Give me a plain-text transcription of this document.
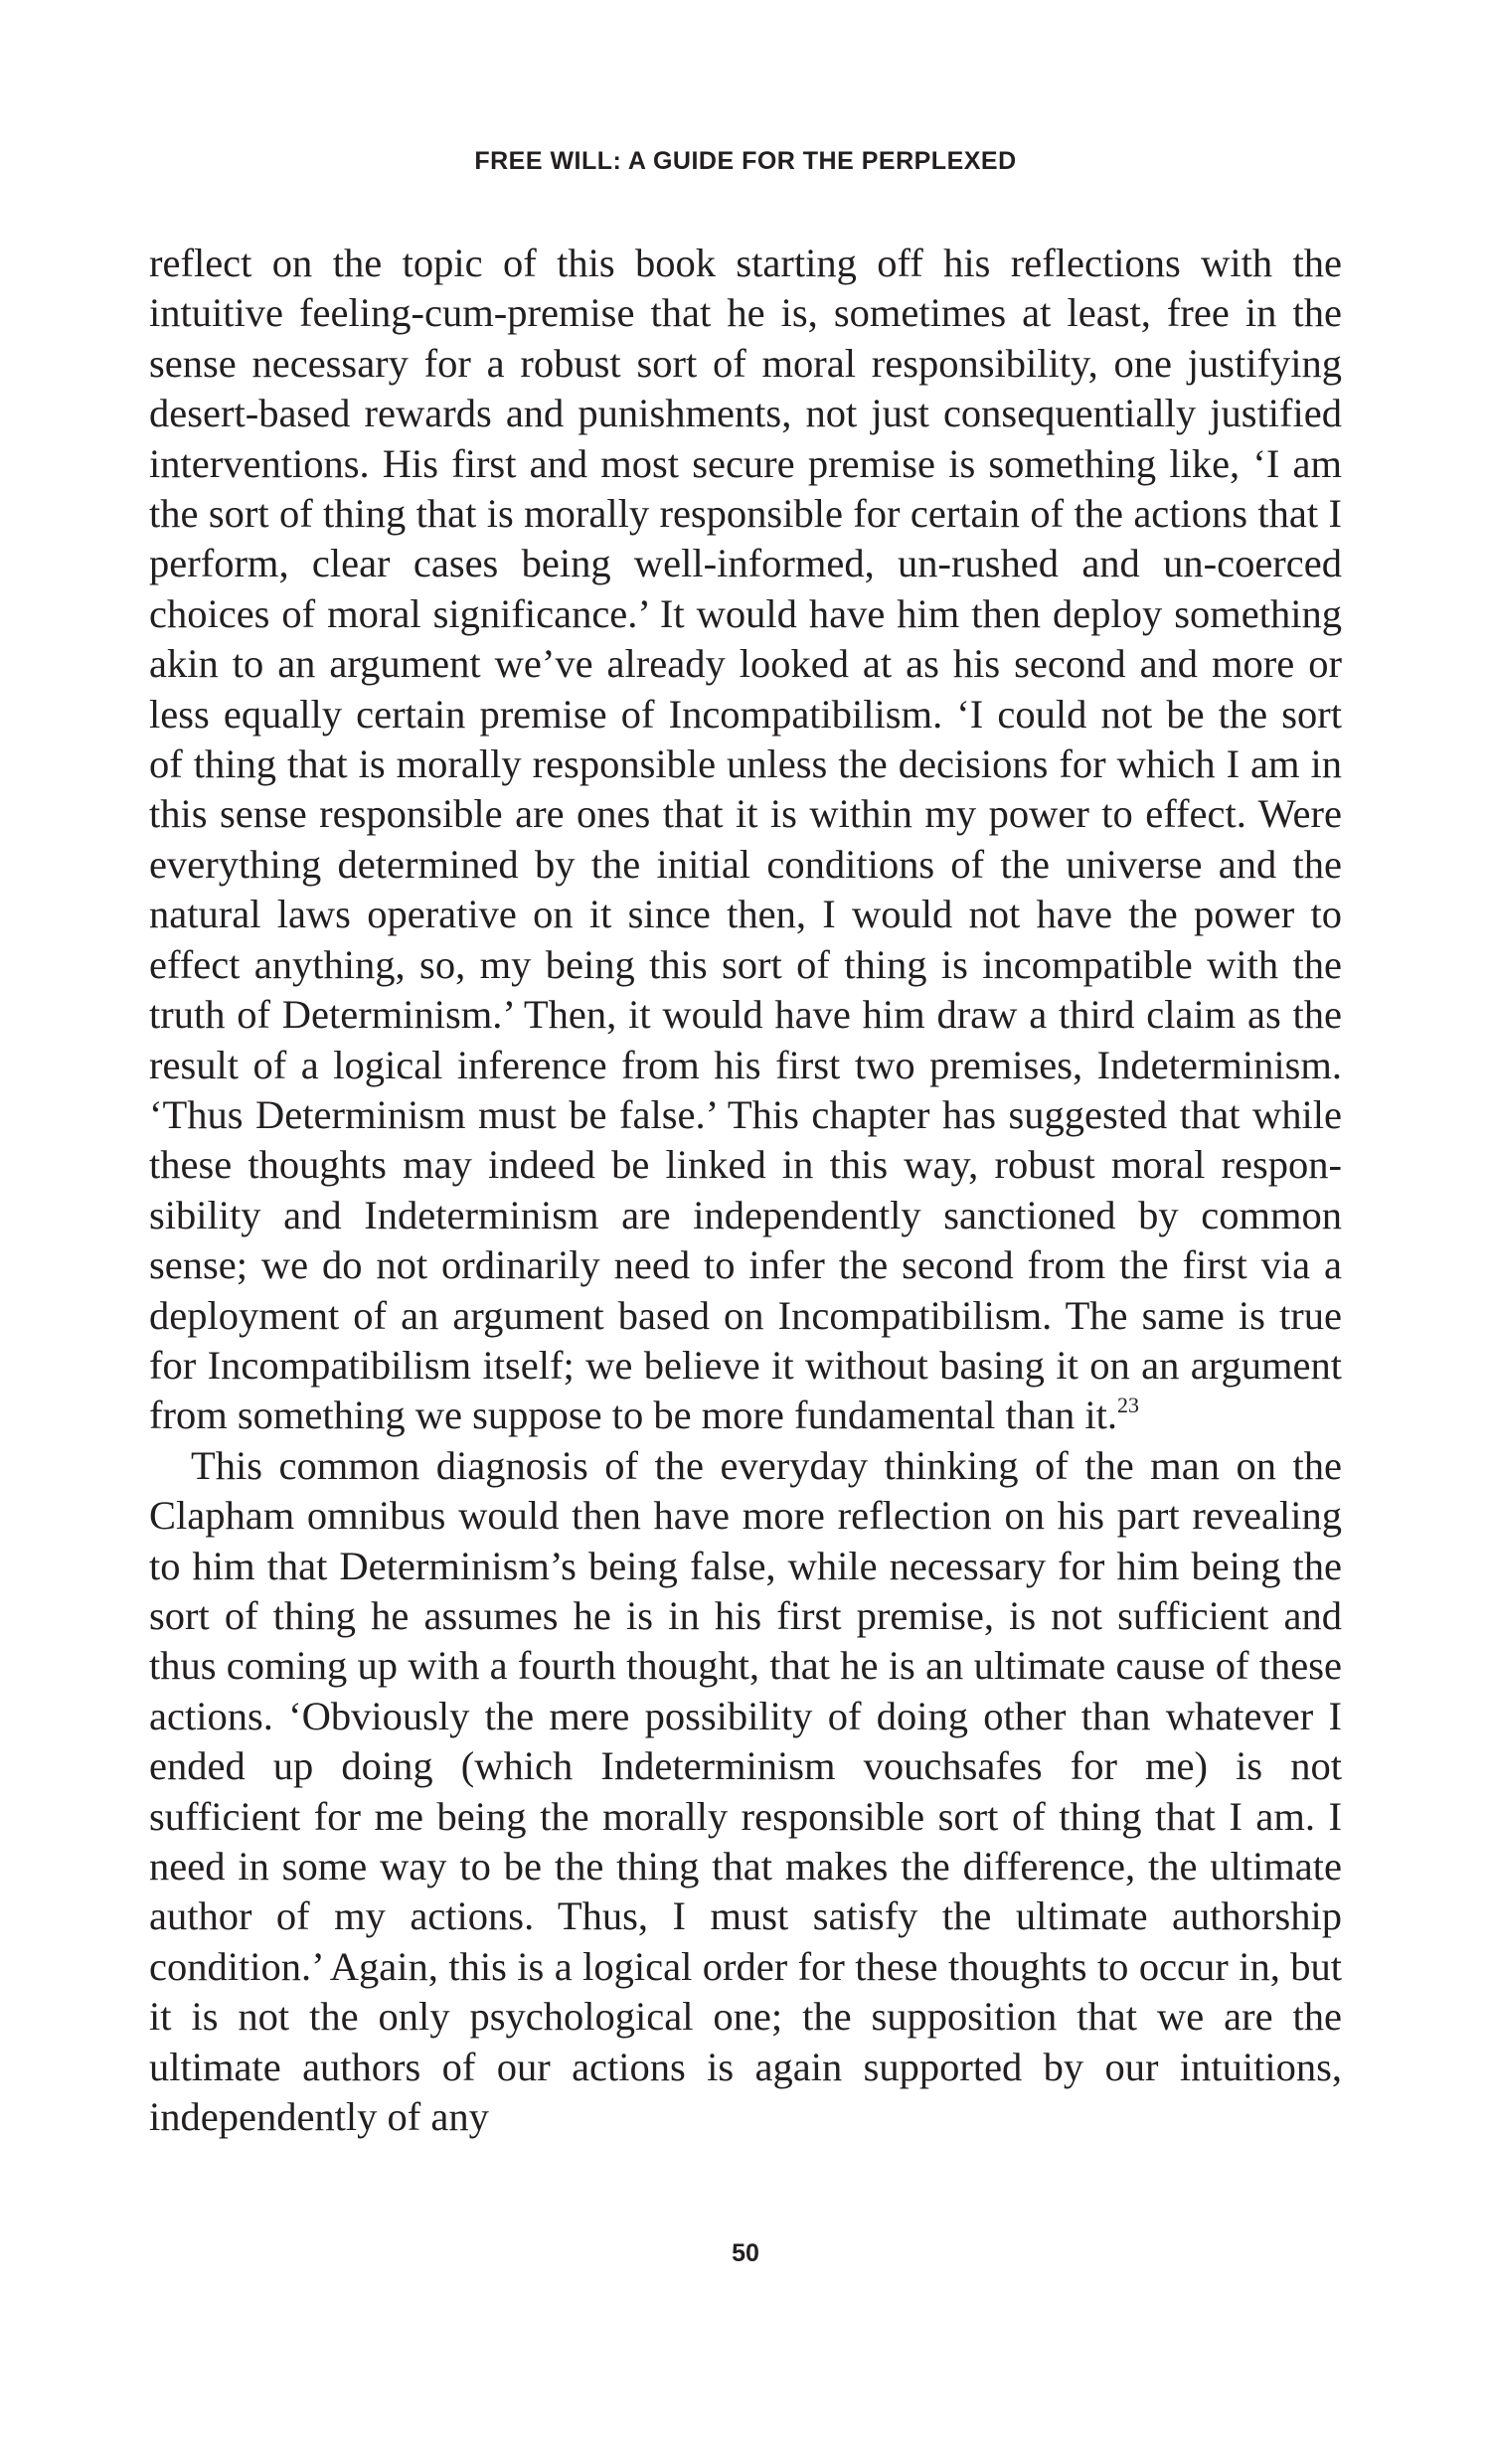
FREE WILL: A GUIDE FOR THE PERPLEXED

reflect on the topic of this book starting off his reflections with the intuitive feeling-cum-premise that he is, sometimes at least, free in the sense necessary for a robust sort of moral responsibility, one justifying desert-based rewards and punishments, not just consequentially justified interventions. His first and most secure premise is something like, ‘I am the sort of thing that is morally responsible for certain of the actions that I perform, clear cases being well-informed, un-rushed and un-coerced choices of moral significance.’ It would have him then deploy something akin to an argument we’ve already looked at as his second and more or less equally certain premise of Incompatibilism. ‘I could not be the sort of thing that is morally responsible unless the decisions for which I am in this sense responsible are ones that it is within my power to effect. Were everything determined by the initial conditions of the universe and the natural laws operative on it since then, I would not have the power to effect anything, so, my being this sort of thing is incompatible with the truth of Determinism.’ Then, it would have him draw a third claim as the result of a logical inference from his first two premises, Indeterminism. ‘Thus Determinism must be false.’ This chapter has suggested that while these thoughts may indeed be linked in this way, robust moral responsibility and Indeterminism are independently sanctioned by common sense; we do not ordinarily need to infer the second from the first via a deployment of an argument based on Incompatibilism. The same is true for Incompatibilism itself; we believe it without basing it on an argument from something we suppose to be more fundamental than it.$^{23}$

This common diagnosis of the everyday thinking of the man on the Clapham omnibus would then have more reflection on his part revealing to him that Determinism’s being false, while necessary for him being the sort of thing he assumes he is in his first premise, is not sufficient and thus coming up with a fourth thought, that he is an ultimate cause of these actions. ‘Obviously the mere possibility of doing other than whatever I ended up doing (which Indeterminism vouchsafes for me) is not sufficient for me being the morally responsible sort of thing that I am. I need in some way to be the thing that makes the difference, the ultimate author of my actions. Thus, I must satisfy the ultimate authorship condition.’ Again, this is a logical order for these thoughts to occur in, but it is not the only psychological one; the supposition that we are the ultimate authors of our actions is again supported by our intuitions, independently of any

50
